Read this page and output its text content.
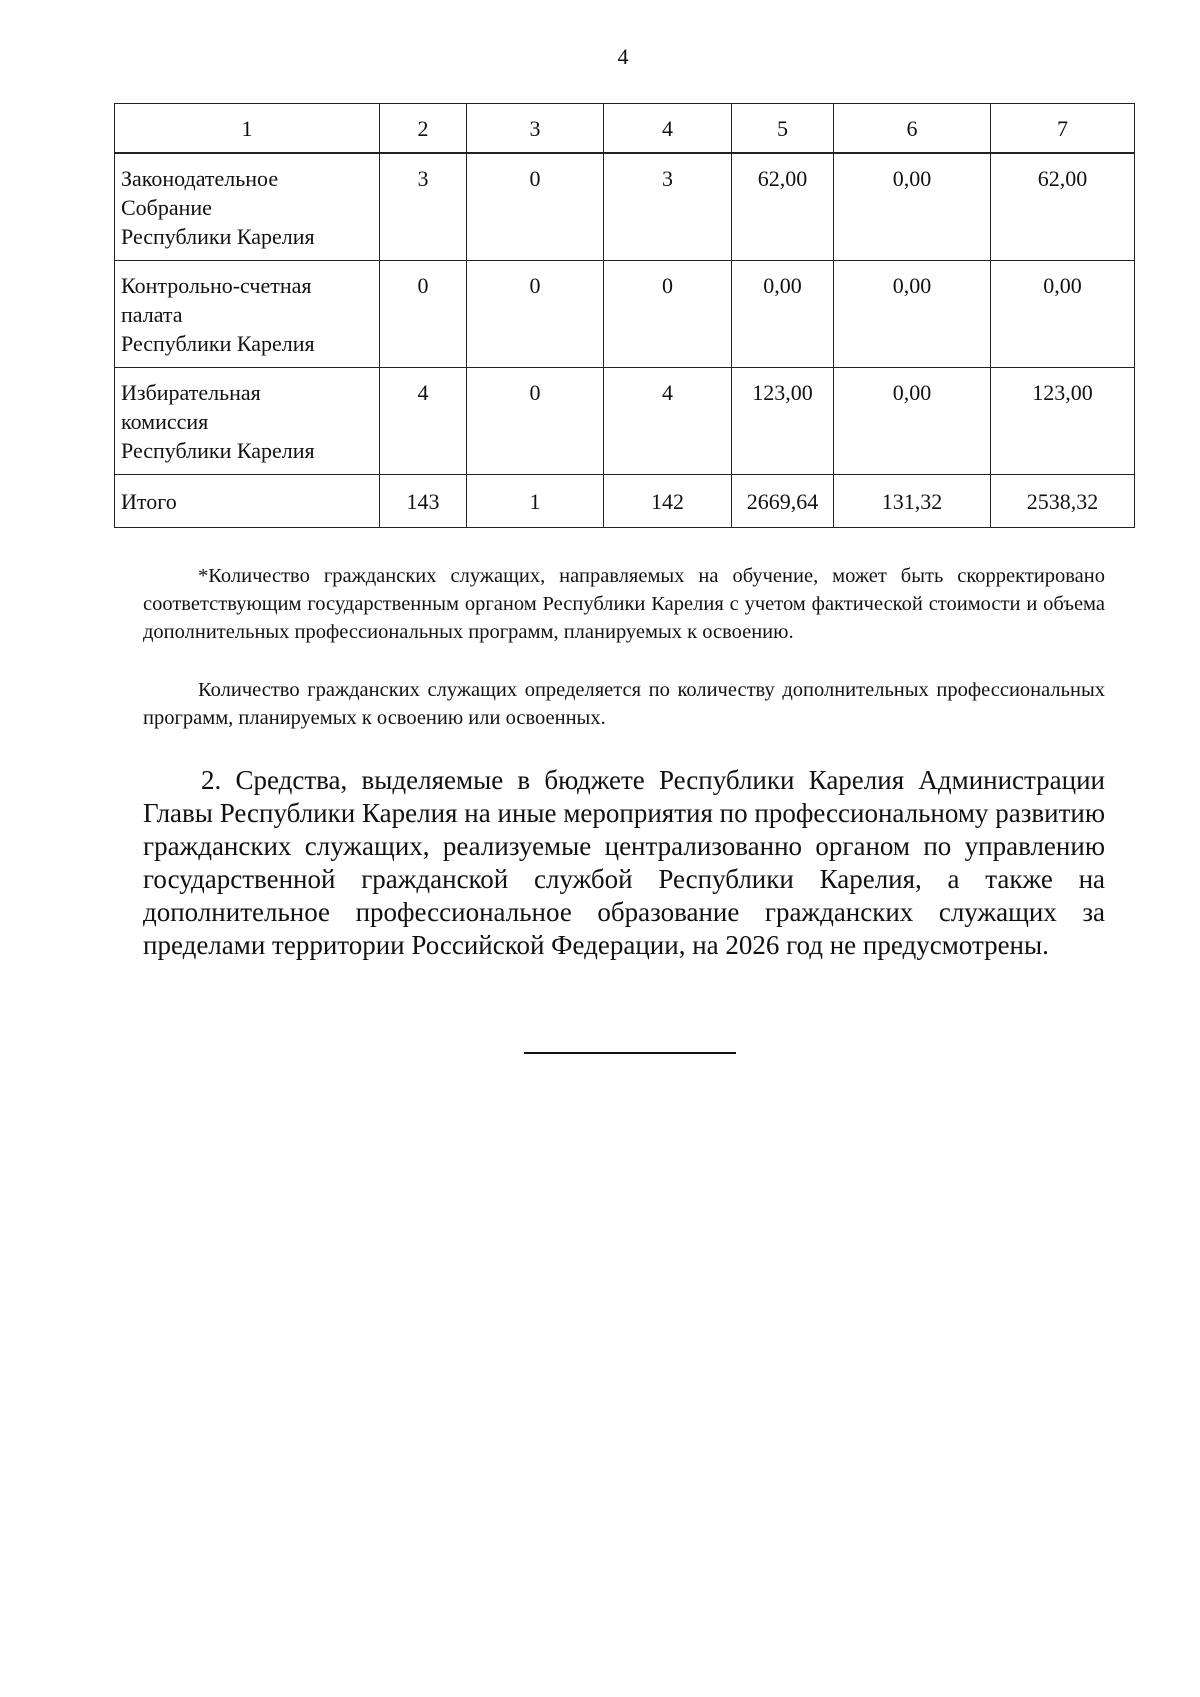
4
1	2	3	4	5	6	7

Законодательное
Собрание
Республики Карелия	3	0	3	62,00	0,00	62,00

Контрольно-счетная
палата
Республики Карелия	0	0	0	0,00	0,00	0,00

Избирательная
комиссия
Республики Карелия	4	0	4	123,00	0,00	123,00
Итого	143	1	142	2669,64	131,32	2538,32

*Количество гражданских служащих, направляемых на обучение, может быть скорректировано соответствующим государственным органом Республики Карелия с учетом фактической стоимости и объема дополнительных профессиональных программ, планируемых к освоению.

Количество гражданских служащих определяется по количеству дополнительных профессиональных программ, планируемых к освоению или освоенных.

2. Средства, выделяемые в бюджете Республики Карелия Администрации Главы Республики Карелия на иные мероприятия по профессиональному развитию гражданских служащих, реализуемые централизованно органом по управлению государственной гражданской службой Республики Карелия, а также на дополнительное профессиональное образование гражданских служащих за пределами территории Российской Федерации, на 2026 год не предусмотрены.
